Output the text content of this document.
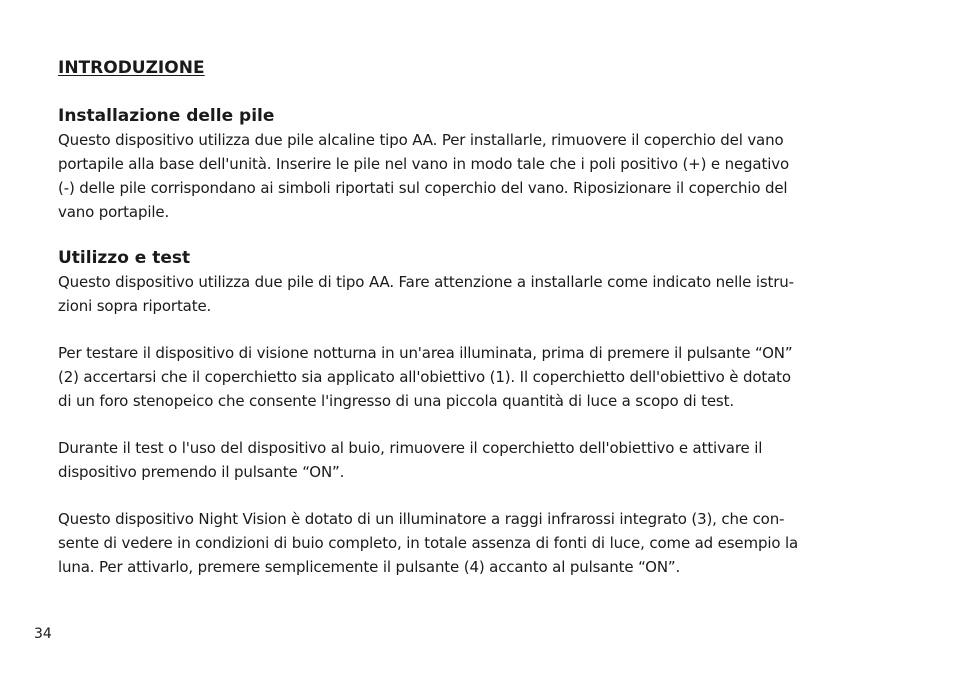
INTRODUZIONE
Installazione delle pile

Questo dispositivo utilizza due pile alcaline tipo AA. Per installarle, rimuovere il coperchio del vano
portapile alla base dell'unità. Inserire le pile nel vano in modo tale che i poli positivo (+) e negativo
(-) delle pile corrispondano ai simboli riportati sul coperchio del vano. Riposizionare il coperchio del
vano portapile.

Utilizzo e test

Questo dispositivo utilizza due pile di tipo AA. Fare attenzione a installarle come indicato nelle istru-
zioni sopra riportate.

Per testare il dispositivo di visione notturna in un'area illuminata, prima di premere il pulsante “ON”
(2) accertarsi che il coperchietto sia applicato all'obiettivo (1). Il coperchietto dell'obiettivo è dotato
di un foro stenopeico che consente l'ingresso di una piccola quantità di luce a scopo di test.

Durante il test o l'uso del dispositivo al buio, rimuovere il coperchietto dell'obiettivo e attivare il
dispositivo premendo il pulsante “ON”.

Questo dispositivo Night Vision è dotato di un illuminatore a raggi infrarossi integrato (3), che con-
sente di vedere in condizioni di buio completo, in totale assenza di fonti di luce, come ad esempio la
luna. Per attivarlo, premere semplicemente il pulsante (4) accanto al pulsante “ON”.

34
